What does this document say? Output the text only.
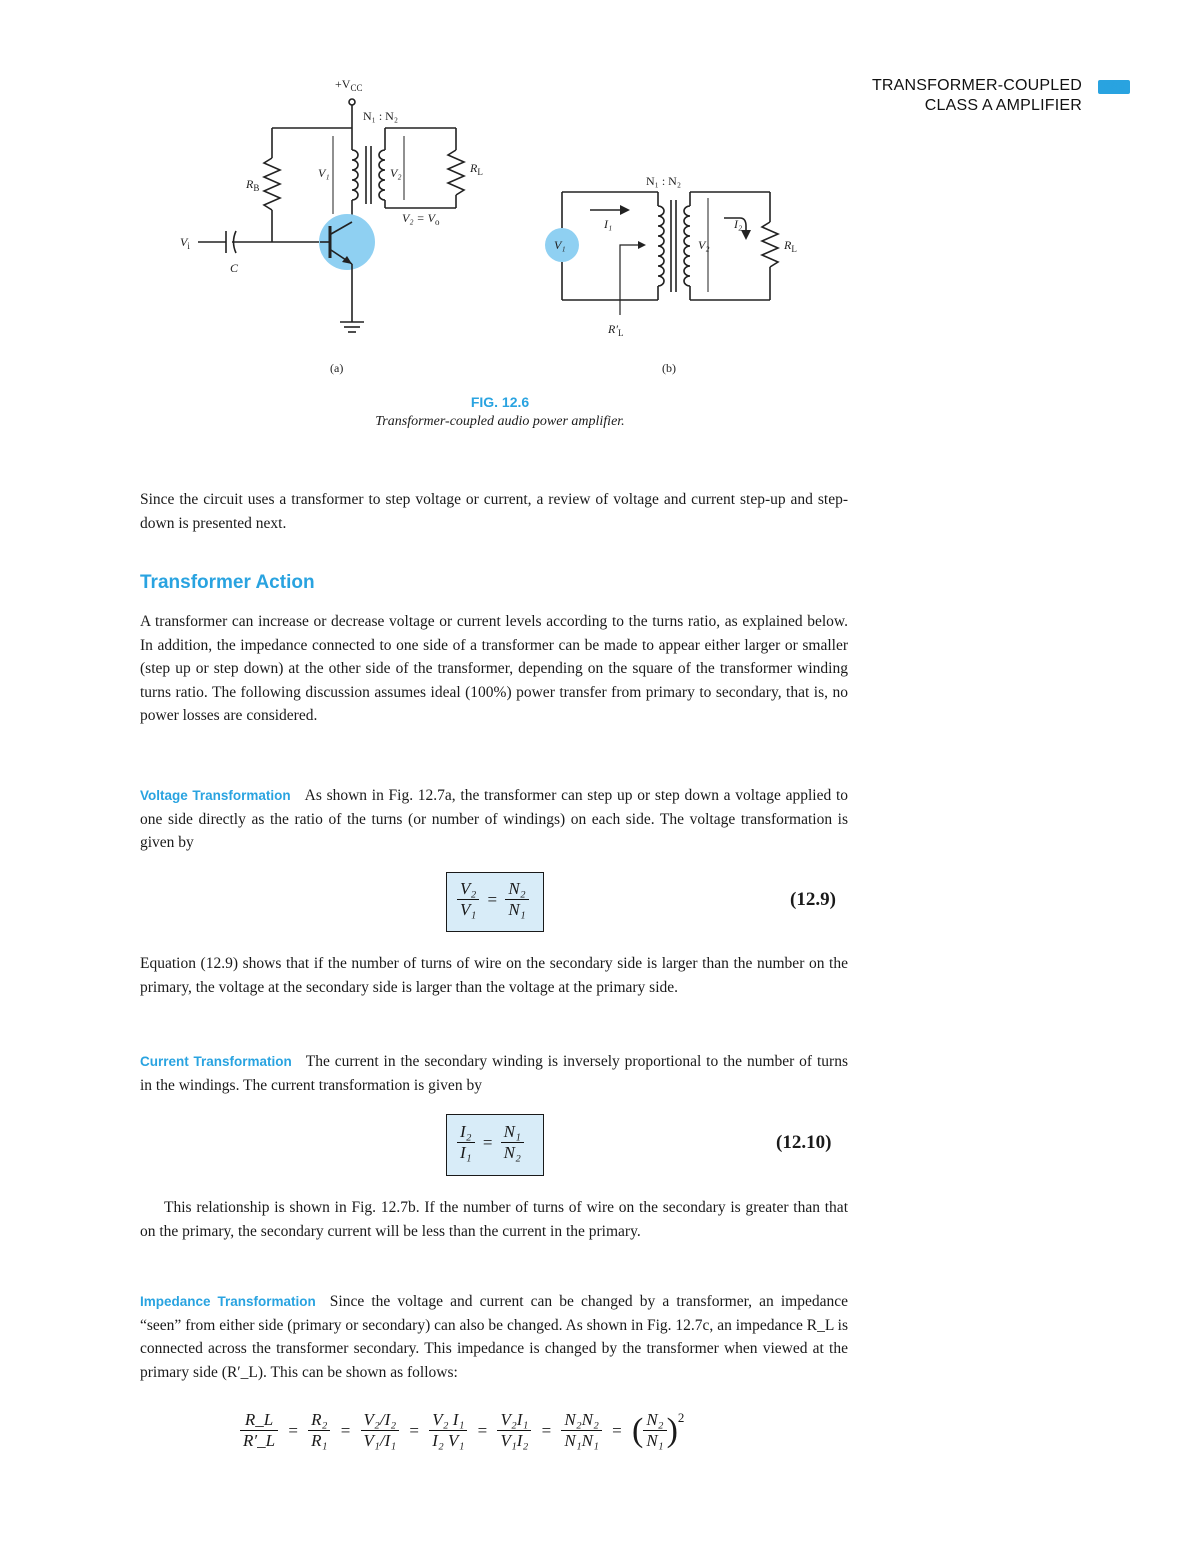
TRANSFORMER-COUPLED
CLASS A AMPLIFIER
589
$+V_{CC}$
N₁ : N₂
$R_B$
V₁	V₂	$R_L$
$V_2 = V_o$
$V_i$
C
(a)
N₁ : N₂
I₁	I₂
V₁	V₂	$R_L$
$R'_L$
(b)
FIG. 12.6
Transformer-coupled audio power amplifier.
Since the circuit uses a transformer to step voltage or current, a review of voltage and current step-up and step-down is presented next.
Transformer Action
A transformer can increase or decrease voltage or current levels according to the turns ratio, as explained below. In addition, the impedance connected to one side of a transformer can be made to appear either larger or smaller (step up or step down) at the other side of the transformer, depending on the square of the transformer winding turns ratio. The following discussion assumes ideal (100%) power transfer from primary to secondary, that is, no power losses are considered.
Voltage Transformation As shown in Fig. 12.7a, the transformer can step up or step down a voltage applied to one side directly as the ratio of the turns (or number of windings) on each side. The voltage transformation is given by
$\frac{\text{V₂}}{\text{V₁}} = \frac{\text{N₂}}{\text{N₁}}$	(12.9)
Equation (12.9) shows that if the number of turns of wire on the secondary side is larger than the number on the primary, the voltage at the secondary side is larger than the voltage at the primary side.
Current Transformation The current in the secondary winding is inversely proportional to the number of turns in the windings. The current transformation is given by
$\frac{\text{I₂}}{\text{I₁}} = \frac{\text{N₁}}{\text{N₂}}$	(12.10)
This relationship is shown in Fig. 12.7b. If the number of turns of wire on the secondary is greater than that on the primary, the secondary current will be less than the current in the primary.
Impedance Transformation Since the voltage and current can be changed by a transformer, an impedance “seen” from either side (primary or secondary) can also be changed. As shown in Fig. 12.7c, an impedance R_L is connected across the transformer secondary. This impedance is changed by the transformer when viewed at the primary side (R′_L). This can be shown as follows:
$\frac{R\_L}{R'\_L} = \frac{\text{R₂}}{\text{R₁}} = \frac{\text{V₂/I₂}}{\text{V₁/I₁}} = \frac{\text{V₂ I₁}}{\text{I₂ V₁}} = \frac{\text{V₂I₁}}{\text{V₁I₂}} = \frac{\text{N₂N₂}}{\text{N₁N₁}}$ = ( $\frac{\text{N₂}}{\text{N₁}} )^2$
